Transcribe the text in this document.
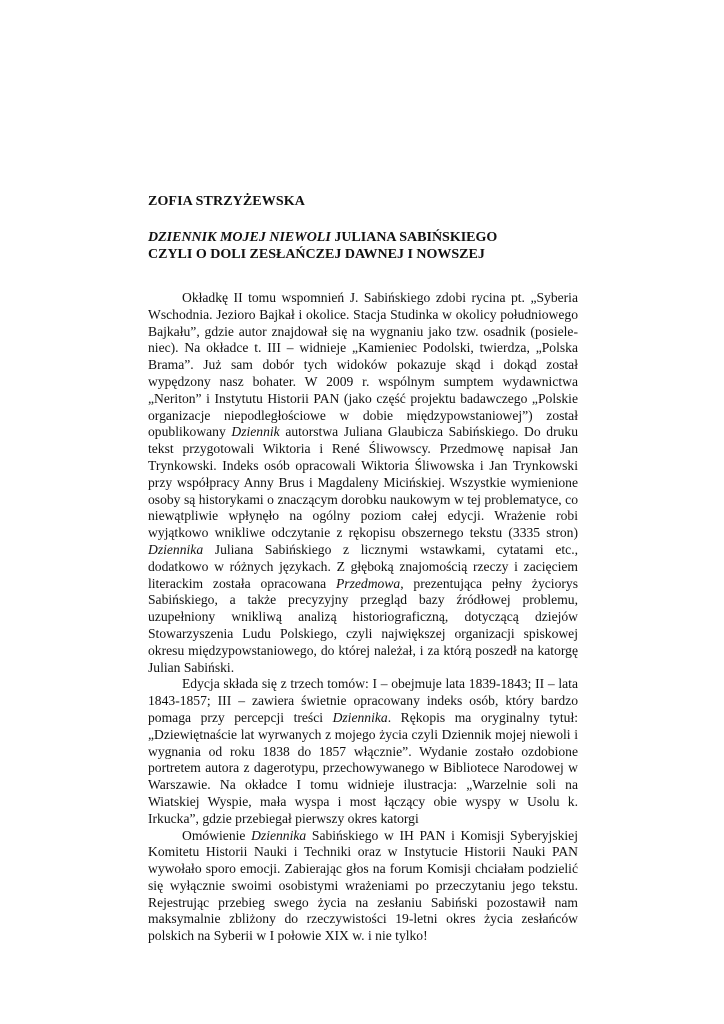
ZOFIA STRZYŻEWSKA

DZIENNIK MOJEJ NIEWOLI JULIANA SABIŃSKIEGO
CZYLI O DOLI ZESŁAŃCZEJ DAWNEJ I NOWSZEJ

Okładkę II tomu wspomnień J. Sabińskiego zdobi rycina pt. „Syberia Wschodnia. Jezioro Bajkał i okolice. Stacja Studinka w okolicy południowego Bajkału”, gdzie autor znajdował się na wygnaniu jako tzw. osadnik (posieleniec). Na okładce t. III – widnieje „Kamieniec Podolski, twierdza, „Polska Brama”. Już sam dobór tych widoków pokazuje skąd i dokąd został wypędzony nasz bohater. W 2009 r. wspólnym sumptem wydawnictwa „Neriton” i Instytutu Historii PAN (jako część projektu badawczego „Polskie organizacje niepodległościowe w dobie międzypowstaniowej”) został opublikowany Dziennik autorstwa Juliana Glaubicza Sabińskiego. Do druku tekst przygotowali Wiktoria i René Śliwowscy. Przedmowę napisał Jan Trynkowski. Indeks osób opracowali Wiktoria Śliwowska i Jan Trynkowski przy współpracy Anny Brus i Magdaleny Micińskiej. Wszystkie wymienione osoby są historykami o znaczącym dorobku naukowym w tej problematyce, co niewątpliwie wpłynęło na ogólny poziom całej edycji. Wrażenie robi wyjątkowo wnikliwe odczytanie z rękopisu obszernego tekstu (3335 stron) Dziennika Juliana Sabińskiego z licznymi wstawkami, cytatami etc., dodatkowo w różnych językach. Z głęboką znajomością rzeczy i zacięciem literackim została opracowana Przedmowa, prezentująca pełny życiorys Sabińskiego, a także precyzyjny przegląd bazy źródłowej problemu, uzupełniony wnikliwą analizą historiograficzną, dotyczącą dziejów Stowarzyszenia Ludu Polskiego, czyli największej organizacji spiskowej okresu międzypowstaniowego, do której należał, i za którą poszedł na katorgę Julian Sabiński.

Edycja składa się z trzech tomów: I – obejmuje lata 1839-1843; II – lata 1843-1857; III – zawiera świetnie opracowany indeks osób, który bardzo pomaga przy percepcji treści Dziennika. Rękopis ma oryginalny tytuł: „Dziewiętnaście lat wyrwanych z mojego życia czyli Dziennik mojej niewoli i wygnania od roku 1838 do 1857 włącznie”. Wydanie zostało ozdobione portretem autora z dagerotypu, przechowywanego w Bibliotece Narodowej w Warszawie. Na okładce I tomu widnieje ilustracja: „Warzelnie soli na Wiatskiej Wyspie, mała wyspa i most łączący obie wyspy w Usolu k. Irkucka”, gdzie przebiegał pierwszy okres katorgi

Omówienie Dziennika Sabińskiego w IH PAN i Komisji Syberyjskiej Komitetu Historii Nauki i Techniki oraz w Instytucie Historii Nauki PAN wywołało sporo emocji. Zabierając głos na forum Komisji chciałam podzielić się wyłącznie swoimi osobistymi wrażeniami po przeczytaniu jego tekstu. Rejestrując przebieg swego życia na zesłaniu Sabiński pozostawił nam maksymalnie zbliżony do rzeczywistości 19-letni okres życia zesłańców polskich na Syberii w I połowie XIX w. i nie tylko!
